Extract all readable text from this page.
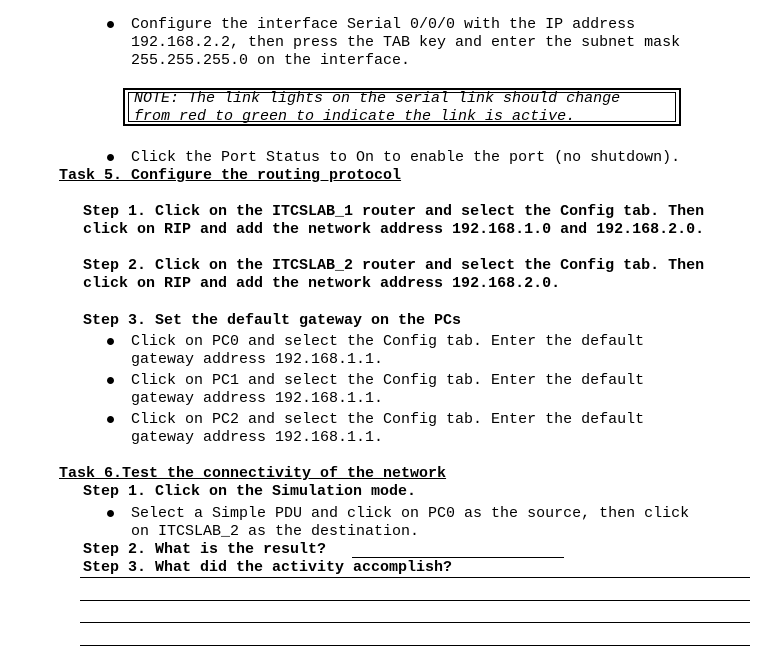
Configure the interface Serial 0/0/0 with the IP address
192.168.2.2, then press the TAB key and enter the subnet mask
255.255.255.0 on the interface.
NOTE: The link lights on the serial link should change
from red to green to indicate the link is active.
Click the Port Status to On to enable the port (no shutdown).
Task 5. Configure the routing protocol
Step 1. Click on the ITCSLAB_1 router and select the Config tab. Then
click on RIP and add the network address 192.168.1.0 and 192.168.2.0.
Step 2. Click on the ITCSLAB_2 router and select the Config tab. Then
click on RIP and add the network address 192.168.2.0.
Step 3. Set the default gateway on the PCs
Click on PC0 and select the Config tab. Enter the default
gateway address 192.168.1.1.
Click on PC1 and select the Config tab. Enter the default
gateway address 192.168.1.1.
Click on PC2 and select the Config tab. Enter the default
gateway address 192.168.1.1.
Task 6.Test the connectivity of the network
Step 1. Click on the Simulation mode.
Select a Simple PDU and click on PC0 as the source, then click
on ITCSLAB_2 as the destination.
Step 2. What is the result?
Step 3. What did the activity accomplish?
